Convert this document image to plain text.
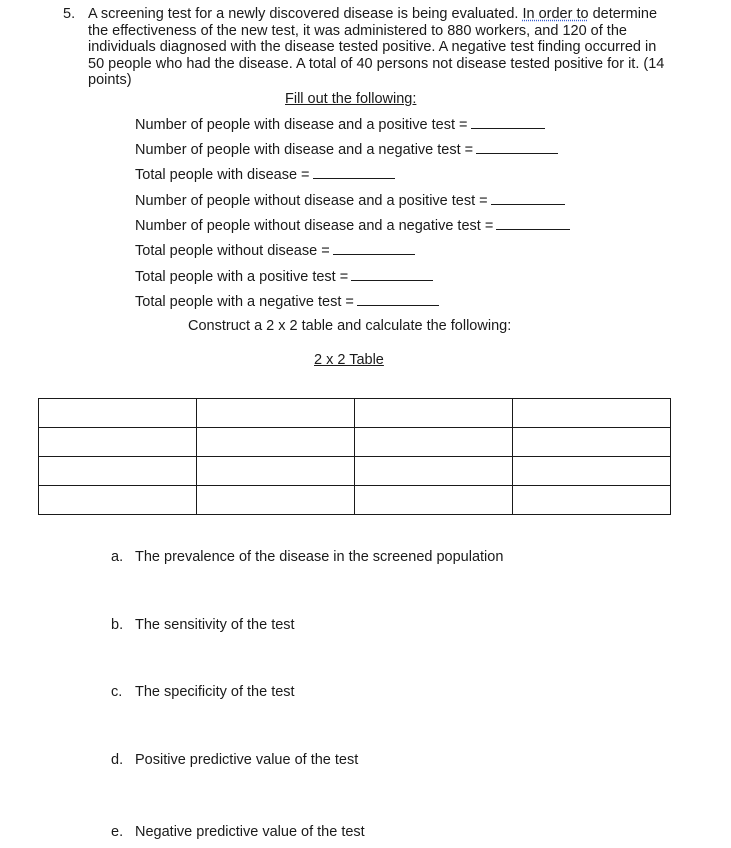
5. A screening test for a newly discovered disease is being evaluated. In order to determine the effectiveness of the new test, it was administered to 880 workers, and 120 of the individuals diagnosed with the disease tested positive. A negative test finding occurred in 50 people who had the disease. A total of 40 persons not disease tested positive for it. (14 points)
Fill out the following:
Number of people with disease and a positive test =
Number of people with disease and a negative test =
Total people with disease =
Number of people without disease and a positive test =
Number of people without disease and a negative test =
Total people without disease =
Total people with a positive test =
Total people with a negative test =
Construct a 2 x 2 table and calculate the following:
2 x 2 Table

a. The prevalence of the disease in the screened population
b. The sensitivity of the test
c. The specificity of the test
d. Positive predictive value of the test
e. Negative predictive value of the test
